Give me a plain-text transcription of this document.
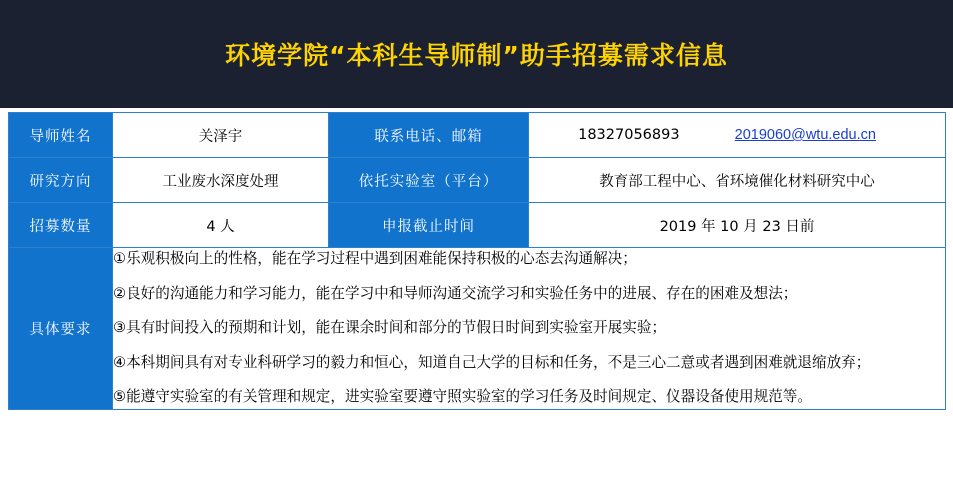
环境学院“本科生导师制”助手招募需求信息
导师姓名	关泽宇	联系电话、邮箱	18327056893 2019060@wtu.edu.cn

研究方向	工业废水深度处理	依托实验室（平台）	教育部工程中心、省环境催化材料研究中心
招募数量	4 人	申报截止时间	2019 年 10 月 23 日前
具体要求	①乐观积极向上的性格，能在学习过程中遇到困难能保持积极的心态去沟通解决；

②良好的沟通能力和学习能力，能在学习中和导师沟通交流学习和实验任务中的进展、存在的困难及想法；

③具有时间投入的预期和计划，能在课余时间和部分的节假日时间到实验室开展实验；

④本科期间具有对专业科研学习的毅力和恒心，知道自己大学的目标和任务，不是三心二意或者遇到困难就退缩放弃；

⑤能遵守实验室的有关管理和规定，进实验室要遵守照实验室的学习任务及时间规定、仪器设备使用规范等。		
